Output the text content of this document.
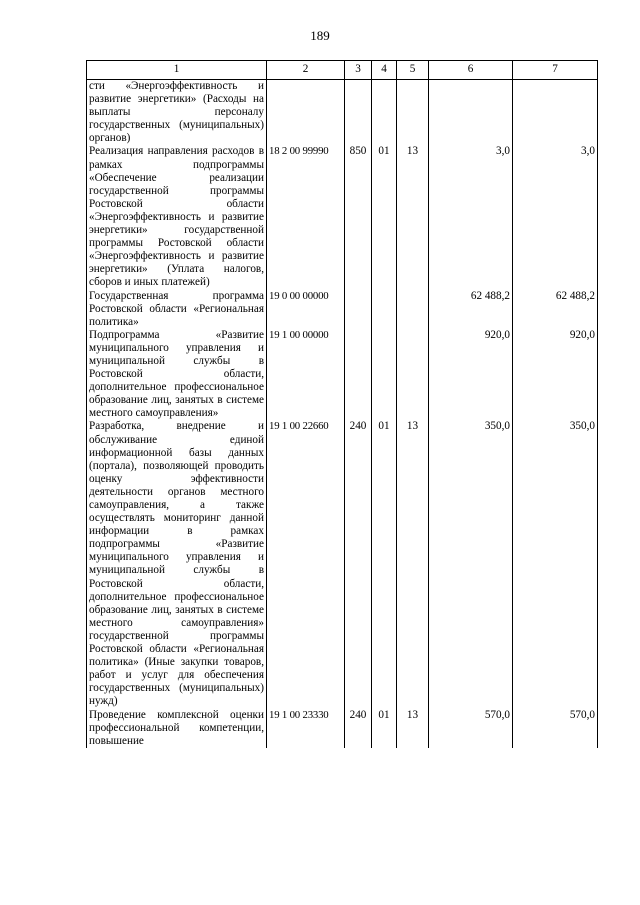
189
1	2	3	4	5	6	7
сти «Энергоэффективность и развитие энергетики» (Расходы на выплаты персоналу государственных (муниципальных) органов)						
Реализация направления расходов в рамках подпрограммы «Обеспечение реализации государственной программы Ростовской области «Энергоэффективность и развитие энергетики» государственной программы Ростовской области «Энергоэффективность и развитие энергетики» (Уплата налогов, сборов и иных платежей)	18 2 00 99990	850	01	13	3,0	3,0
Государственная программа Ростовской области «Региональная политика»	19 0 00 00000				62 488,2	62 488,2
Подпрограмма «Развитие муниципального управления и муниципальной службы в Ростовской области, дополнительное профессиональное образование лиц, занятых в системе местного самоуправления»	19 1 00 00000				920,0	920,0
Разработка, внедрение и обслуживание единой информационной базы данных (портала), позволяющей проводить оценку эффективности деятельности органов местного самоуправления, а также осуществлять мониторинг данной информации в рамках подпрограммы «Развитие муниципального управления и муниципальной службы в Ростовской области, дополнительное профессиональное образование лиц, занятых в системе местного самоуправления» государственной программы Ростовской области «Региональная политика» (Иные закупки товаров, работ и услуг для обеспечения государственных (муниципальных) нужд)	19 1 00 22660	240	01	13	350,0	350,0
Проведение комплексной оценки профессиональной компетенции, повышение	19 1 00 23330	240	01	13	570,0	570,0
